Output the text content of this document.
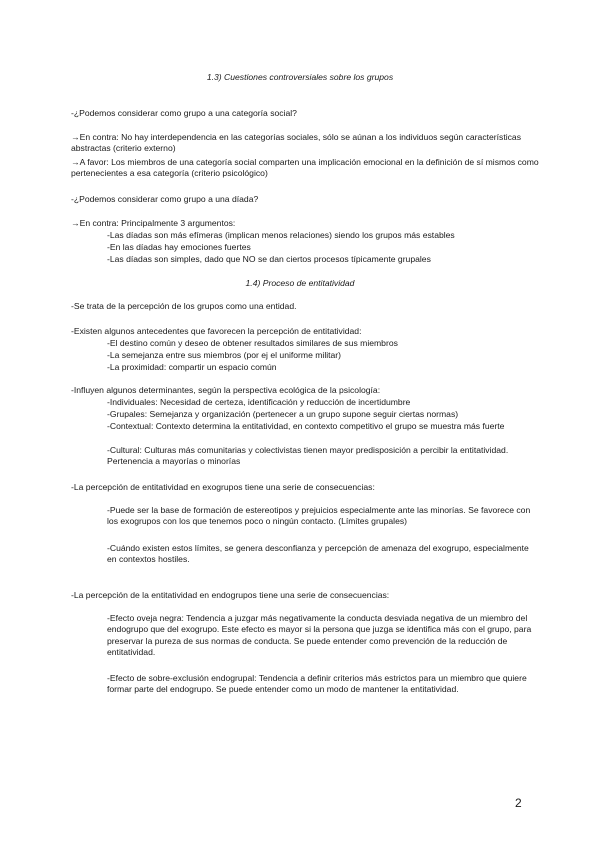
1.3) Cuestiones controversiales sobre los grupos
-¿Podemos considerar como grupo a una categoría social?
→En contra: No hay interdependencia en las categorías sociales, sólo se aúnan a los individuos según características abstractas (criterio externo)
→A favor: Los miembros de una categoría social comparten una implicación emocional en la definición de sí mismos como pertenecientes a esa categoría (criterio psicológico)
-¿Podemos considerar como grupo a una díada?
→En contra: Principalmente 3 argumentos:
-Las díadas son más efímeras (implican menos relaciones) siendo los grupos más estables
-En las díadas hay emociones fuertes
-Las díadas son simples, dado que NO se dan ciertos procesos típicamente grupales
1.4) Proceso de entitatividad
-Se trata de la percepción de los grupos como una entidad.
-Existen algunos antecedentes que favorecen la percepción de entitatividad:
-El destino común y deseo de obtener resultados similares de sus miembros
-La semejanza entre sus miembros (por ej el uniforme militar)
-La proximidad: compartir un espacio común
-Influyen algunos determinantes, según la perspectiva ecológica de la psicología:
-Individuales: Necesidad de certeza, identificación y reducción de incertidumbre
-Grupales: Semejanza y organización (pertenecer a un grupo supone seguir ciertas normas)
-Contextual: Contexto determina la entitatividad, en contexto competitivo el grupo se muestra más fuerte
-Cultural: Culturas más comunitarias y colectivistas tienen mayor predisposición a percibir la entitatividad. Pertenencia a mayorías o minorías
-La percepción de entitatividad en exogrupos tiene una serie de consecuencias:
-Puede ser la base de formación de estereotipos y prejuicios especialmente ante las minorías. Se favorece con los exogrupos con los que tenemos poco o ningún contacto. (Límites grupales)
-Cuándo existen estos límites, se genera desconfianza y percepción de amenaza del exogrupo, especialmente en contextos hostiles.
-La percepción de la entitatividad en endogrupos tiene una serie de consecuencias:
-Efecto oveja negra: Tendencia a juzgar más negativamente la conducta desviada negativa de un miembro del endogrupo que del exogrupo. Este efecto es mayor si la persona que juzga se identifica más con el grupo, para preservar la pureza de sus normas de conducta. Se puede entender como prevención de la reducción de entitatividad.
-Efecto de sobre-exclusión endogrupal: Tendencia a definir criterios más estrictos para un miembro que quiere formar parte del endogrupo. Se puede entender como un modo de mantener la entitatividad.
2
